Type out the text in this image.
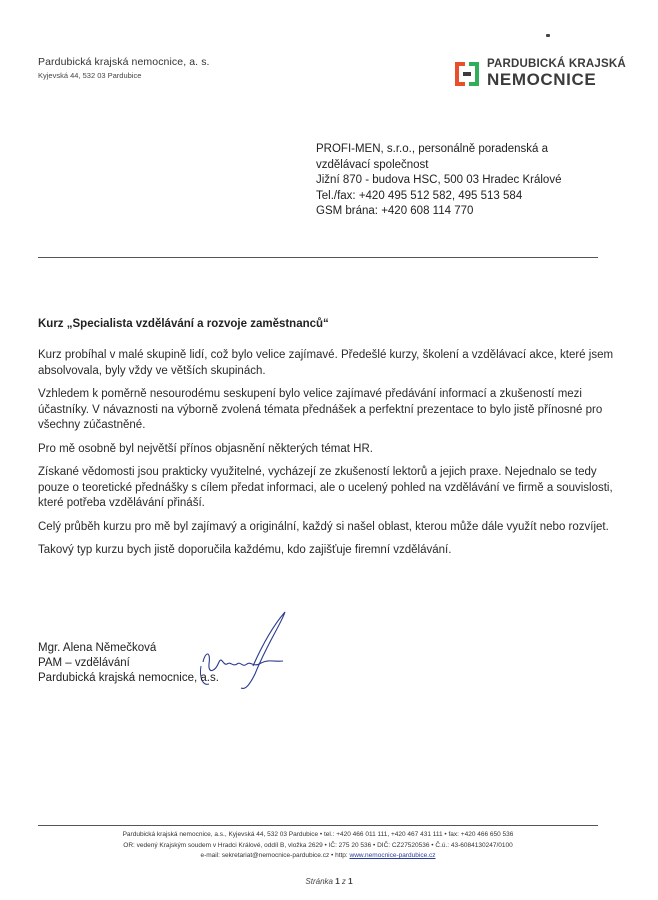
Pardubická krajská nemocnice, a. s.
Kyjevská 44, 532 03 Pardubice
PARDUBICKÁ KRAJSKÁ
NEMOCNICE
PROFI-MEN, s.r.o., personálně poradenská a
vzdělávací společnost
Jižní 870 - budova HSC, 500 03 Hradec Králové
Tel./fax: +420 495 512 582, 495 513 584
GSM brána: +420 608 114 770
Kurz „Specialista vzdělávání a rozvoje zaměstnanců“

Kurz probíhal v malé skupině lidí, což bylo velice zajímavé. Předešlé kurzy, školení a vzdělávací akce, které jsem absolvovala, byly vždy ve větších skupinách.

Vzhledem k poměrně nesourodému seskupení bylo velice zajímavé předávání informací a zkušeností mezi účastníky. V návaznosti na výborně zvolená témata přednášek a perfektní prezentace to bylo jistě přínosné pro všechny zúčastněné.

Pro mě osobně byl největší přínos objasnění některých témat HR.

Získané vědomosti jsou prakticky využitelné, vycházejí ze zkušeností lektorů a jejich praxe. Nejednalo se tedy pouze o teoretické přednášky s cílem předat informaci, ale o ucelený pohled na vzdělávání ve firmě a souvislosti, které potřeba vzdělávání přináší.

Celý průběh kurzu pro mě byl zajímavý a originální, každý si našel oblast, kterou může dále využít nebo rozvíjet.

Takový typ kurzu bych jistě doporučila každému, kdo zajišťuje firemní vzdělávání.

Mgr. Alena Němečková
PAM – vzdělávání
Pardubická krajská nemocnice, a.s.
Pardubická krajská nemocnice, a.s., Kyjevská 44, 532 03 Pardubice • tel.: +420 466 011 111, +420 467 431 111 • fax: +420 466 650 536
OR: vedený Krajským soudem v Hradci Králové, oddíl B, vložka 2629 • IČ: 275 20 536 • DIČ: CZ27520536 • Č.ú.: 43-6084130247/0100
e-mail: sekretariat@nemocnice-pardubice.cz • http: www.nemocnice-pardubice.cz
Stránka 1 z 1
